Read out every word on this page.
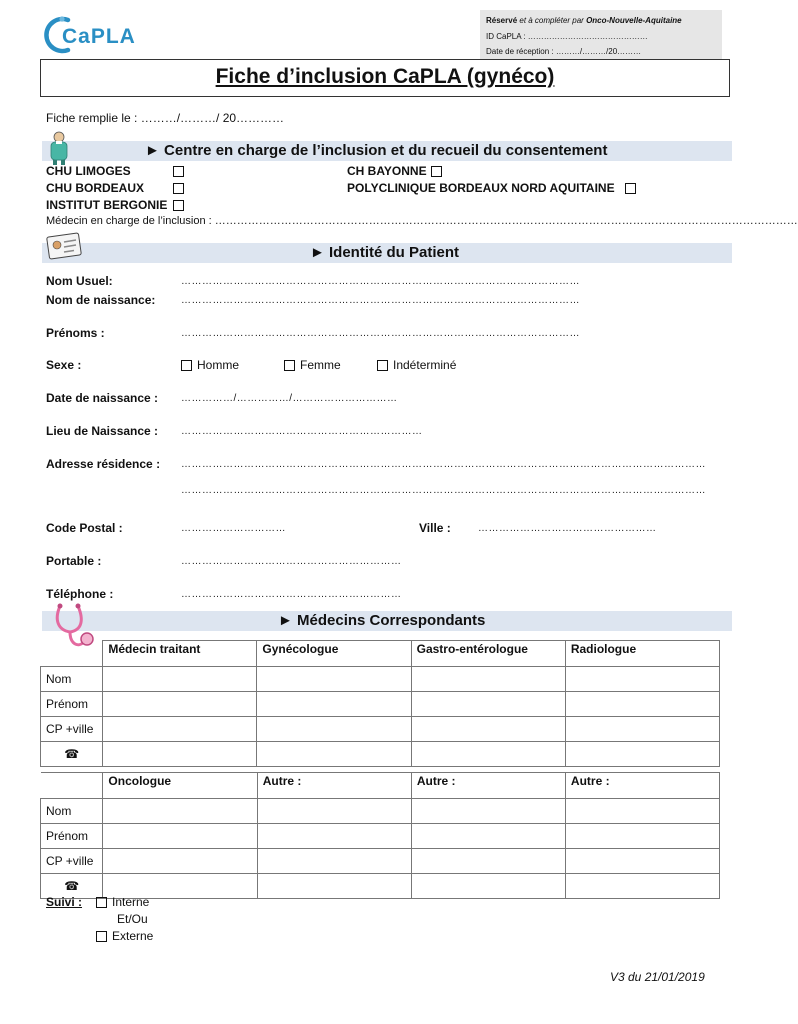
CaPLA
Réservé et à compléter par Onco-Nouvelle-Aquitaine
ID CaPLA : ………………………………………
Date de réception : ………/………/20………
Fiche d’inclusion CaPLA (gynéco)
Fiche remplie le : ………/………/ 20…………
► Centre en charge de l’inclusion et du recueil du consentement
CHU LIMOGES
CHU BORDEAUX
INSTITUT BERGONIE
CH BAYONNE
POLYCLINIQUE BORDEAUX NORD AQUITAINE
Médecin en charge de l’inclusion : ……………………………………………………………………………………………………………………………………………
► Identité du Patient
Nom Usuel:	……………………………………………………………………………………………………
Nom de naissance:	……………………………………………………………………………………………………
Prénoms :	……………………………………………………………………………………………………
Sexe :	Homme	Femme	Indéterminé
Date de naissance : ……………/……………/…………………………
Lieu de Naissance : ……………………………………………………………
Adresse résidence : ……………………………………………………………………………………………………………………………………
……………………………………………………………………………………………………………………………………
Code Postal :	…………………………	Ville :	……………………………………………
Portable :	………………………………………………………
Téléphone :	………………………………………………………
► Médecins Correspondants
	Médecin traitant	Gynécologue	Gastro-entérologue	Radiologue
Nom				
Prénom				
CP +ville				
☎				
	Oncologue	Autre :	Autre :	Autre :
Nom				
Prénom				
CP +ville				
☎				
Suivi :	Interne
Et/Ou
Externe
V3 du 21/01/2019
